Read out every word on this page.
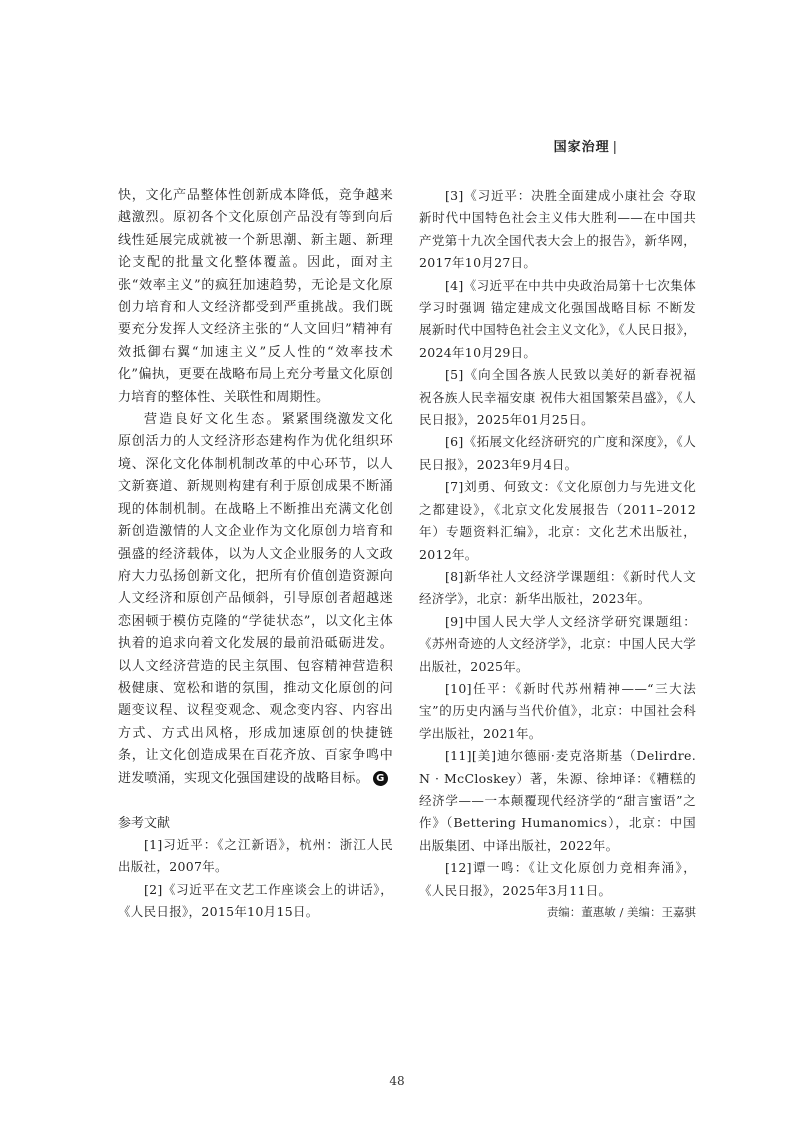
国家治理 |

快，文化产品整体性创新成本降低，竞争越来越激烈。原初各个文化原创产品没有等到向后线性延展完成就被一个新思潮、新主题、新理论支配的批量文化整体覆盖。因此，面对主张“效率主义”的疯狂加速趋势，无论是文化原创力培育和人文经济都受到严重挑战。我们既要充分发挥人文经济主张的“人文回归”精神有效抵御右翼“加速主义”反人性的“效率技术化”偏执，更要在战略布局上充分考量文化原创力培育的整体性、关联性和周期性。

营造良好文化生态。紧紧围绕激发文化原创活力的人文经济形态建构作为优化组织环境、深化文化体制机制改革的中心环节，以人文新赛道、新规则构建有利于原创成果不断涌现的体制机制。在战略上不断推出充满文化创新创造激情的人文企业作为文化原创力培育和强盛的经济载体，以为人文企业服务的人文政府大力弘扬创新文化，把所有价值创造资源向人文经济和原创产品倾斜，引导原创者超越迷恋困顿于模仿克隆的“学徒状态”，以文化主体执着的追求向着文化发展的最前沿砥砺进发。以人文经济营造的民主氛围、包容精神营造积极健康、宽松和谐的氛围，推动文化原创的问题变议程、议程变观念、观念变内容、内容出方式、方式出风格，形成加速原创的快捷链条，让文化创造成果在百花齐放、百家争鸣中迸发喷涌，实现文化强国建设的战略目标。 G

参考文献

[1]习近平：《之江新语》，杭州：浙江人民出版社，2007年。

[2]《习近平在文艺工作座谈会上的讲话》，《人民日报》，2015年10月15日。

[3]《习近平：决胜全面建成小康社会 夺取新时代中国特色社会主义伟大胜利——在中国共产党第十九次全国代表大会上的报告》，新华网，2017年10月27日。

[4]《习近平在中共中央政治局第十七次集体学习时强调 锚定建成文化强国战略目标 不断发展新时代中国特色社会主义文化》，《人民日报》，2024年10月29日。

[5]《向全国各族人民致以美好的新春祝福 祝各族人民幸福安康 祝伟大祖国繁荣昌盛》，《人民日报》，2025年01月25日。

[6]《拓展文化经济研究的广度和深度》，《人民日报》，2023年9月4日。

[7]刘勇、何致文：《文化原创力与先进文化之都建设》，《北京文化发展报告（2011–2012年）专题资料汇编》，北京：文化艺术出版社，2012年。

[8]新华社人文经济学课题组：《新时代人文经济学》，北京：新华出版社，2023年。

[9]中国人民大学人文经济学研究课题组：《苏州奇迹的人文经济学》，北京：中国人民大学出版社，2025年。

[10]任平：《新时代苏州精神——“三大法宝”的历史内涵与当代价值》，北京：中国社会科学出版社，2021年。

[11][美]迪尔德丽·麦克洛斯基（Delirdre. N · McCloskey）著，朱源、徐坤译：《糟糕的经济学——一本颠覆现代经济学的“甜言蜜语”之作》（Bettering Humanomics），北京：中国出版集团、中译出版社，2022年。

[12]谭一鸣：《让文化原创力竞相奔涌》，《人民日报》，2025年3月11日。

责编：董惠敏 / 美编：王嘉骐

48
